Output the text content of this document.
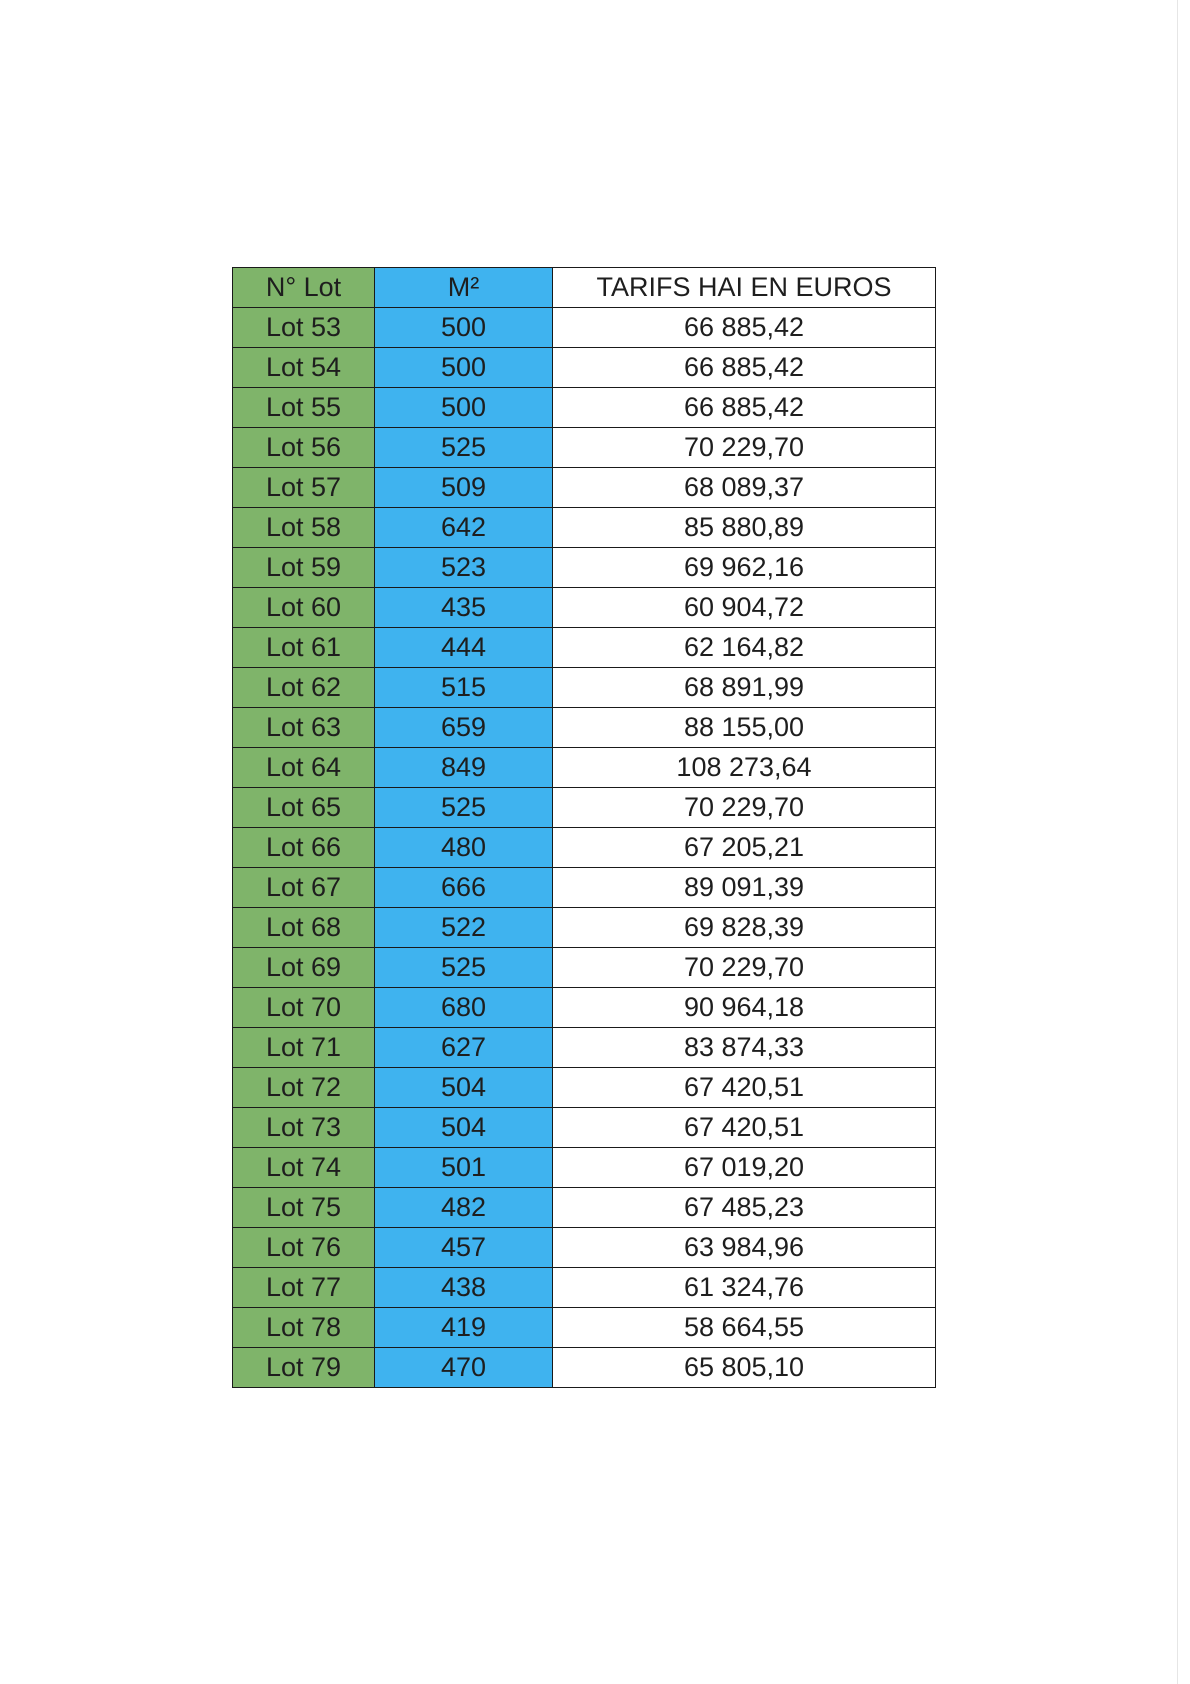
N° Lot	M²	TARIFS HAI EN EUROS
Lot 53	500	66 885,42
Lot 54	500	66 885,42
Lot 55	500	66 885,42
Lot 56	525	70 229,70
Lot 57	509	68 089,37
Lot 58	642	85 880,89
Lot 59	523	69 962,16
Lot 60	435	60 904,72
Lot 61	444	62 164,82
Lot 62	515	68 891,99
Lot 63	659	88 155,00
Lot 64	849	108 273,64
Lot 65	525	70 229,70
Lot 66	480	67 205,21
Lot 67	666	89 091,39
Lot 68	522	69 828,39
Lot 69	525	70 229,70
Lot 70	680	90 964,18
Lot 71	627	83 874,33
Lot 72	504	67 420,51
Lot 73	504	67 420,51
Lot 74	501	67 019,20
Lot 75	482	67 485,23
Lot 76	457	63 984,96
Lot 77	438	61 324,76
Lot 78	419	58 664,55
Lot 79	470	65 805,10
